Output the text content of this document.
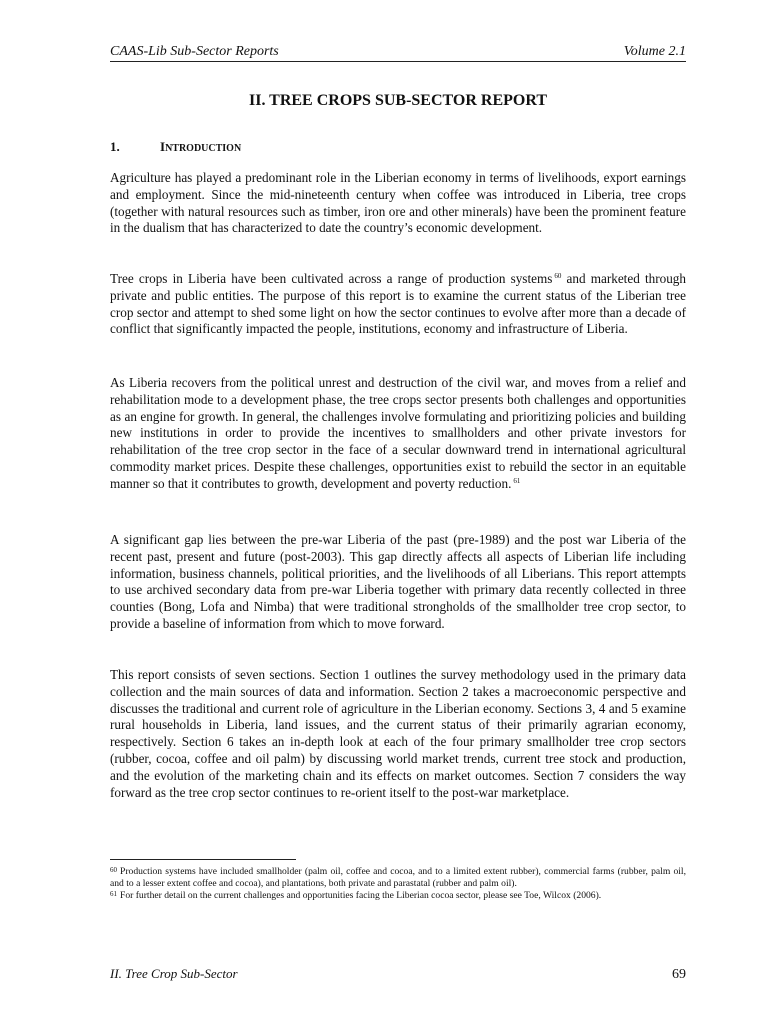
CAAS-Lib Sub-Sector Reports	Volume 2.1
II. TREE CROPS SUB-SECTOR REPORT
1.	INTRODUCTION

Agriculture has played a predominant role in the Liberian economy in terms of livelihoods, export earnings and employment. Since the mid-nineteenth century when coffee was introduced in Liberia, tree crops (together with natural resources such as timber, iron ore and other minerals) have been the prominent feature in the dualism that has characterized to date the country’s economic development.

Tree crops in Liberia have been cultivated across a range of production systems $^{60}$ and marketed through private and public entities. The purpose of this report is to examine the current status of the Liberian tree crop sector and attempt to shed some light on how the sector continues to evolve after more than a decade of conflict that significantly impacted the people, institutions, economy and infrastructure of Liberia.

As Liberia recovers from the political unrest and destruction of the civil war, and moves from a relief and rehabilitation mode to a development phase, the tree crops sector presents both challenges and opportunities as an engine for growth. In general, the challenges involve formulating and prioritizing policies and building new institutions in order to provide the incentives to smallholders and other private investors for rehabilitation of the tree crop sector in the face of a secular downward trend in international agricultural commodity market prices. Despite these challenges, opportunities exist to rebuild the sector in an equitable manner so that it contributes to growth, development and poverty reduction. $^{61}$

A significant gap lies between the pre-war Liberia of the past (pre-1989) and the post war Liberia of the recent past, present and future (post-2003). This gap directly affects all aspects of Liberian life including information, business channels, political priorities, and the livelihoods of all Liberians. This report attempts to use archived secondary data from pre-war Liberia together with primary data recently collected in three counties (Bong, Lofa and Nimba) that were traditional strongholds of the smallholder tree crop sector, to provide a baseline of information from which to move forward.

This report consists of seven sections. Section 1 outlines the survey methodology used in the primary data collection and the main sources of data and information. Section 2 takes a macroeconomic perspective and discusses the traditional and current role of agriculture in the Liberian economy. Sections 3, 4 and 5 examine rural households in Liberia, land issues, and the current status of their primarily agrarian economy, respectively. Section 6 takes an in-depth look at each of the four primary smallholder tree crop sectors (rubber, cocoa, coffee and oil palm) by discussing world market trends, current tree stock and production, and the evolution of the marketing chain and its effects on market outcomes. Section 7 considers the way forward as the tree crop sector continues to re-orient itself to the post-war marketplace.

$^{60}$ Production systems have included smallholder (palm oil, coffee and cocoa, and to a limited extent rubber), commercial farms (rubber, palm oil, and to a lesser extent coffee and cocoa), and plantations, both private and parastatal (rubber and palm oil).

$^{61}$ For further detail on the current challenges and opportunities facing the Liberian cocoa sector, please see Toe, Wilcox (2006).

II. Tree Crop Sub-Sector	69
